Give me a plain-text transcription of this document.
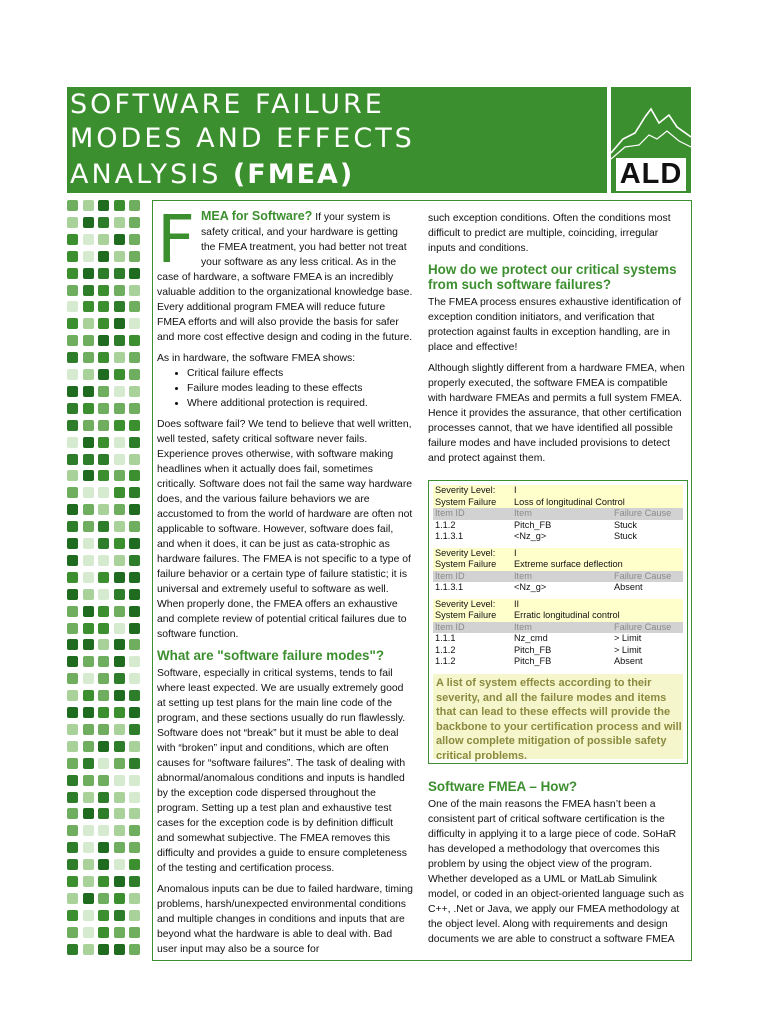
SOFTWARE FAILURE
MODES AND EFFECTS
ANALYSIS (FMEA)	ALD

FMEA for Software? If your system is safety critical, and your hardware is getting the FMEA treatment, you had better not treat your software as any less critical. As in the case of hardware, a software FMEA is an incredibly valuable addition to the organizational knowledge base. Every additional program FMEA will reduce future FMEA efforts and will also provide the basis for safer and more cost effective design and coding in the future.

As in hardware, the software FMEA shows:

• Critical failure effects
• Failure modes leading to these effects
• Where additional protection is required.

Does software fail? We tend to believe that well written, well tested, safety critical software never fails. Experience proves otherwise, with software making headlines when it actually does fail, sometimes critically. Software does not fail the same way hardware does, and the various failure behaviors we are accustomed to from the world of hardware are often not applicable to software. However, software does fail, and when it does, it can be just as cata-strophic as hardware failures. The FMEA is not specific to a type of failure behavior or a certain type of failure statistic; it is universal and extremely useful to software as well. When properly done, the FMEA offers an exhaustive and complete review of potential critical failures due to software function.

What are "software failure modes"?

Software, especially in critical systems, tends to fail where least expected. We are usually extremely good at setting up test plans for the main line code of the program, and these sections usually do run flawlessly. Software does not “break” but it must be able to deal with “broken” input and conditions, which are often causes for “software failures”. The task of dealing with abnormal/anomalous conditions and inputs is handled by the exception code dispersed throughout the program. Setting up a test plan and exhaustive test cases for the exception code is by definition difficult and somewhat subjective. The FMEA removes this difficulty and provides a guide to ensure completeness of the testing and certification process.

Anomalous inputs can be due to failed hardware, timing problems, harsh/unexpected environmental conditions and multiple changes in conditions and inputs that are beyond what the hardware is able to deal with. Bad user input may also be a source for

such exception conditions. Often the conditions most difficult to predict are multiple, coinciding, irregular inputs and conditions.

How do we protect our critical systems from such software failures?

The FMEA process ensures exhaustive identification of exception condition initiators, and verification that protection against faults in exception handling, are in place and effective!

Although slightly different from a hardware FMEA, when properly executed, the software FMEA is compatible with hardware FMEAs and permits a full system FMEA. Hence it provides the assurance, that other certification processes cannot, that we have identified all possible failure modes and have included provisions to detect and protect against them.

Severity Level:	I
System Failure	Loss of longitudinal Control
Item ID	Item	Failure Cause
1.1.2	Pitch_FB	Stuck
1.1.3.1	<Nz_g>	Stuck
Severity Level:	I
System Failure	Extreme surface deflection
Item ID	Item	Failure Cause
1.1.3.1	<Nz_g>	Absent
Severity Level:	II
System Failure	Erratic longitudinal control
Item ID	Item	Failure Cause
1.1.1	Nz_cmd	> Limit
1.1.2	Pitch_FB	> Limit
1.1.2	Pitch_FB	Absent
A list of system effects according to their severity, and all the failure modes and items that can lead to these effects will provide the backbone to your certification process and will allow complete mitigation of possible safety critical problems.
Software FMEA – How?

One of the main reasons the FMEA hasn’t been a consistent part of critical software certification is the difficulty in applying it to a large piece of code. SoHaR has developed a methodology that overcomes this problem by using the object view of the program. Whether developed as a UML or MatLab Simulink model, or coded in an object-oriented language such as C++, .Net or Java, we apply our FMEA methodology at the object level. Along with requirements and design documents we are able to construct a software FMEA
